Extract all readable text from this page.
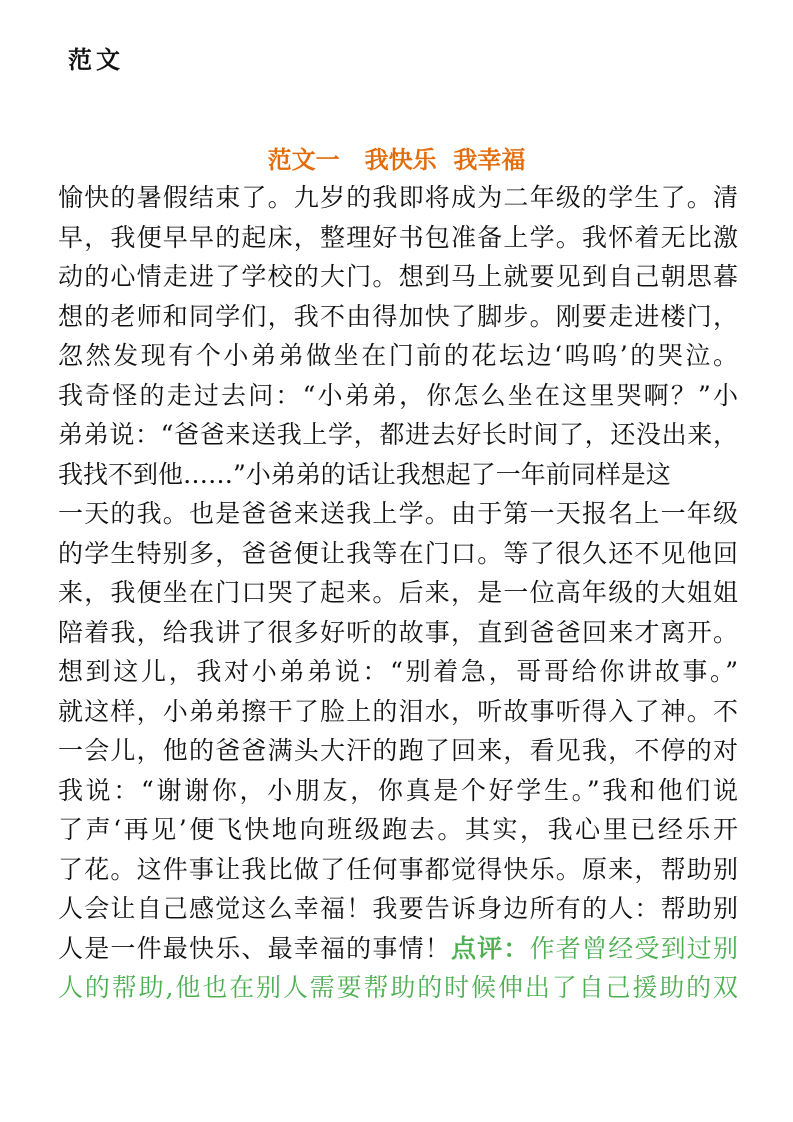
范文
范文一   我快乐  我幸福
愉快的暑假结束了。九岁的我即将成为二年级的学生了。清
早，我便早早的起床，整理好书包准备上学。我怀着无比激
动的心情走进了学校的大门。想到马上就要见到自己朝思暮
想的老师和同学们，我不由得加快了脚步。刚要走进楼门，
忽然发现有个小弟弟做坐在门前的花坛边‘呜呜’的哭泣。
我奇怪的走过去问：“小弟弟，你怎么坐在这里哭啊？”小
弟弟说：“爸爸来送我上学，都进去好长时间了，还没出来，
我找不到他……”小弟弟的话让我想起了一年前同样是这
一天的我。也是爸爸来送我上学。由于第一天报名上一年级
的学生特别多，爸爸便让我等在门口。等了很久还不见他回
来，我便坐在门口哭了起来。后来，是一位高年级的大姐姐
陪着我，给我讲了很多好听的故事，直到爸爸回来才离开。
想到这儿，我对小弟弟说：“别着急，哥哥给你讲故事。”
就这样，小弟弟擦干了脸上的泪水，听故事听得入了神。不
一会儿，他的爸爸满头大汗的跑了回来，看见我，不停的对
我说：“谢谢你，小朋友，你真是个好学生。”我和他们说
了声‘再见’便飞快地向班级跑去。其实，我心里已经乐开
了花。这件事让我比做了任何事都觉得快乐。原来，帮助别
人会让自己感觉这么幸福！我要告诉身边所有的人：帮助别
人是一件最快乐、最幸福的事情！点评：作者曾经受到过别
人的帮助,他也在别人需要帮助的时候伸出了自己援助的双
